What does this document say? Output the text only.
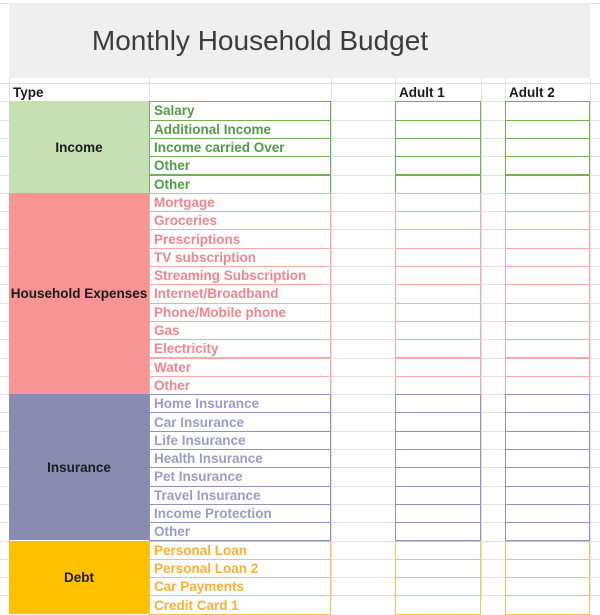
Monthly Household Budget
Type	Adult 1	Adult 2
Income
Salary
Additional Income
Income carried Over
Other
Other
Household Expenses
Mortgage
Groceries
Prescriptions
TV subscription
Streaming Subscription
Internet/Broadband
Phone/Mobile phone
Gas
Electricity
Water
Other
Insurance
Home Insurance
Car Insurance
Life Insurance
Health Insurance
Pet Insurance
Travel Insurance
Income Protection
Other
Debt
Personal Loan
Personal Loan 2
Car Payments
Credit Card 1
